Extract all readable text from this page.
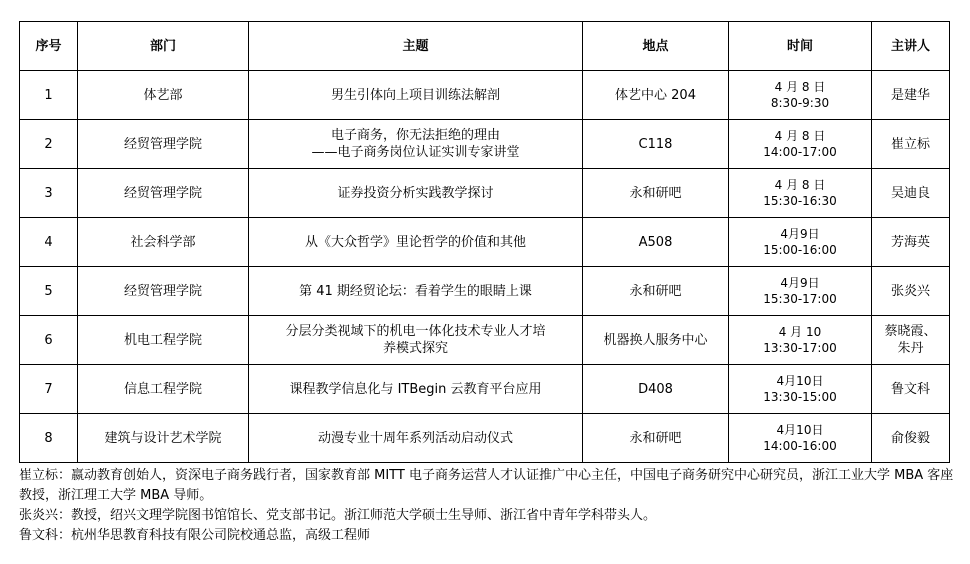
序号	部门	主题	地点	时间	主讲人
1	体艺部	男生引体向上项目训练法解剖	体艺中心 204	4 月 8 日
8:30-9:30	是建华

2	经贸管理学院	电子商务，你无法拒绝的理由
——电子商务岗位认证实训专家讲堂	C118	4 月 8 日
14:00-17:00	崔立标

3	经贸管理学院	证券投资分析实践教学探讨	永和研吧	4 月 8 日
15:30-16:30	吴迪良

4	社会科学部	从《大众哲学》里论哲学的价值和其他	A508	4月9日
15:00-16:00	芳海英

5	经贸管理学院	第 41 期经贸论坛：看着学生的眼睛上课	永和研吧	4月9日
15:30-17:00	张炎兴

6	机电工程学院	分层分类视域下的机电一体化技术专业人才培
养模式探究	机器换人服务中心	4 月 10
13:30-17:00	蔡晓霞、
朱丹

7	信息工程学院	课程教学信息化与 ITBegin 云教育平台应用	D408	4月10日
13:30-15:00	鲁文科

8	建筑与设计艺术学院	动漫专业十周年系列活动启动仪式	永和研吧	4月10日
14:00-16:00	俞俊毅

崔立标：嬴动教育创始人，资深电子商务践行者，国家教育部 MITT 电子商务运营人才认证推广中心主任，中国电子商务研究中心研究员，浙江工业大学 MBA 客座教授，浙江理工大学 MBA 导师。

张炎兴：教授，绍兴文理学院图书馆馆长、党支部书记。浙江师范大学硕士生导师、浙江省中青年学科带头人。

鲁文科：杭州华思教育科技有限公司院校通总监，高级工程师
